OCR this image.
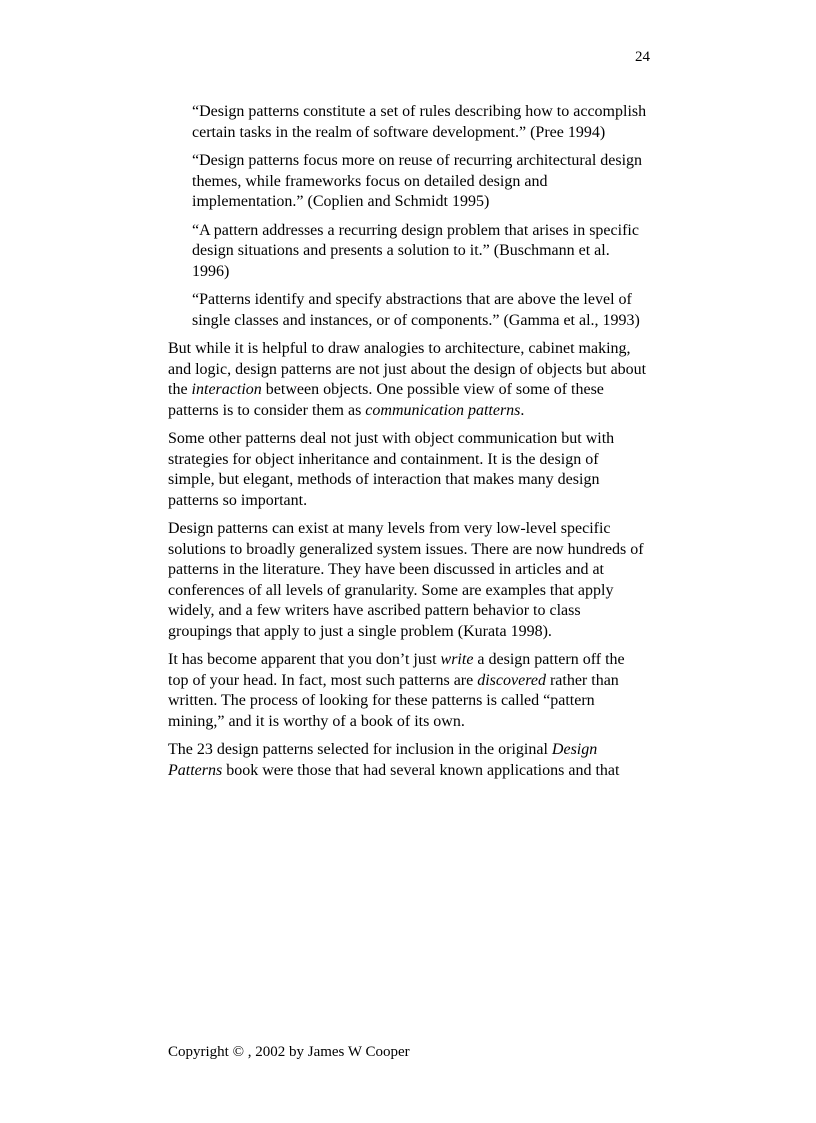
24

“Design patterns constitute a set of rules describing how to accomplish certain tasks in the realm of software development.” (Pree 1994)

“Design patterns focus more on reuse of recurring architectural design themes, while frameworks focus on detailed design and implementation.” (Coplien and Schmidt 1995)

“A pattern addresses a recurring design problem that arises in specific design situations and presents a solution to it.” (Buschmann et al. 1996)

“Patterns identify and specify abstractions that are above the level of single classes and instances, or of components.” (Gamma et al., 1993)

But while it is helpful to draw analogies to architecture, cabinet making, and logic, design patterns are not just about the design of objects but about the interaction between objects. One possible view of some of these patterns is to consider them as communication patterns.

Some other patterns deal not just with object communication but with strategies for object inheritance and containment. It is the design of simple, but elegant, methods of interaction that makes many design patterns so important.

Design patterns can exist at many levels from very low-level specific solutions to broadly generalized system issues. There are now hundreds of patterns in the literature. They have been discussed in articles and at conferences of all levels of granularity. Some are examples that apply widely, and a few writers have ascribed pattern behavior to class groupings that apply to just a single problem (Kurata 1998).

It has become apparent that you don’t just write a design pattern off the top of your head. In fact, most such patterns are discovered rather than written. The process of looking for these patterns is called “pattern mining,” and it is worthy of a book of its own.

The 23 design patterns selected for inclusion in the original Design Patterns book were those that had several known applications and that

Copyright © , 2002 by James W Cooper
